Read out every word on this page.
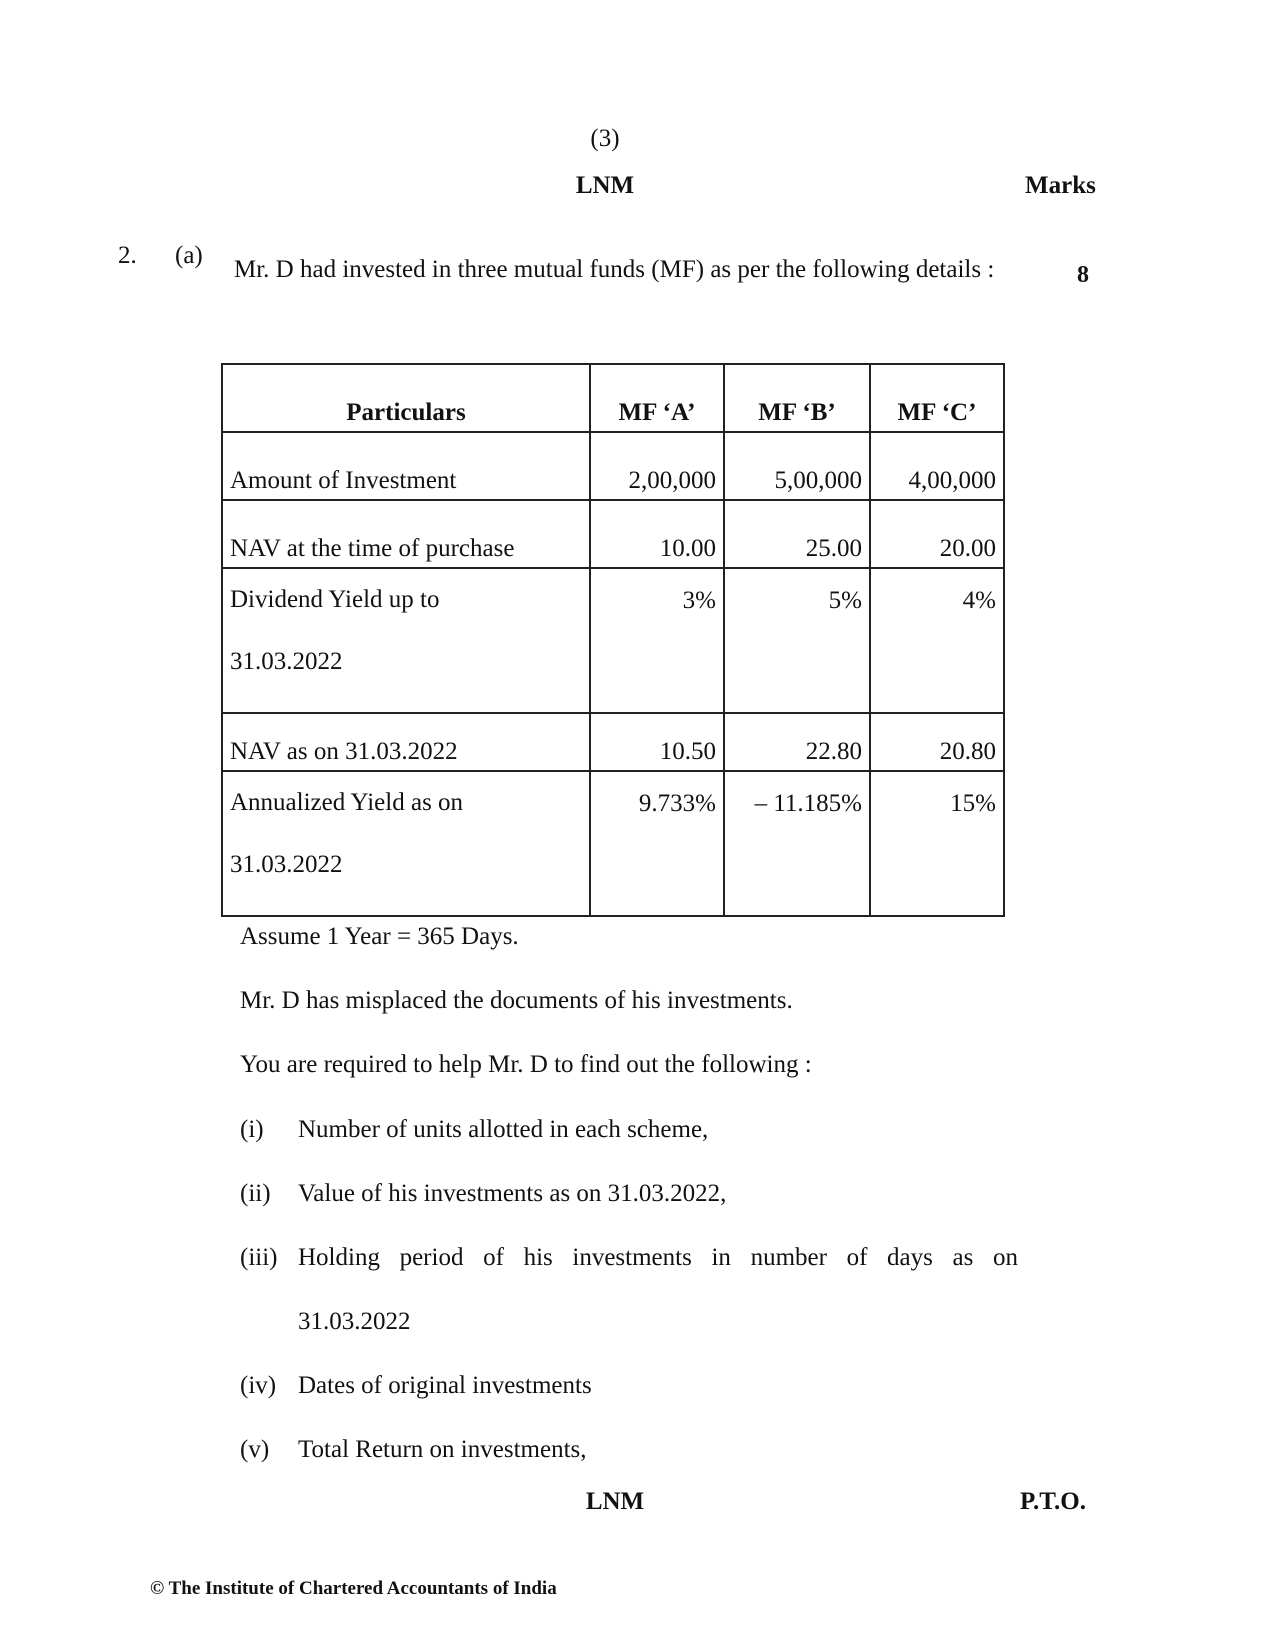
(3)
LNM	Marks
2. (a)
Mr. D had invested in three mutual funds (MF) as per the following details :	8
Particulars	MF ‘A’	MF ‘B’	MF ‘C’
Amount of Investment	2,00,000	5,00,000	4,00,000
NAV at the time of purchase	10.00	25.00	20.00

Dividend Yield up to
31.03.2022	3%	5%	4%
NAV as on 31.03.2022	10.50	22.80	20.80

Annualized Yield as on
31.03.2022	9.733%	– 11.185%	15%
Assume 1 Year = 365 Days.
Mr. D has misplaced the documents of his investments.
You are required to help Mr. D to find out the following :
(i) Number of units allotted in each scheme,
(ii) Value of his investments as on 31.03.2022,
(iii) Holding period of his investments in number of days as on
31.03.2022
(iv) Dates of original investments
(v) Total Return on investments,
LNM	P.T.O.
© The Institute of Chartered Accountants of India
